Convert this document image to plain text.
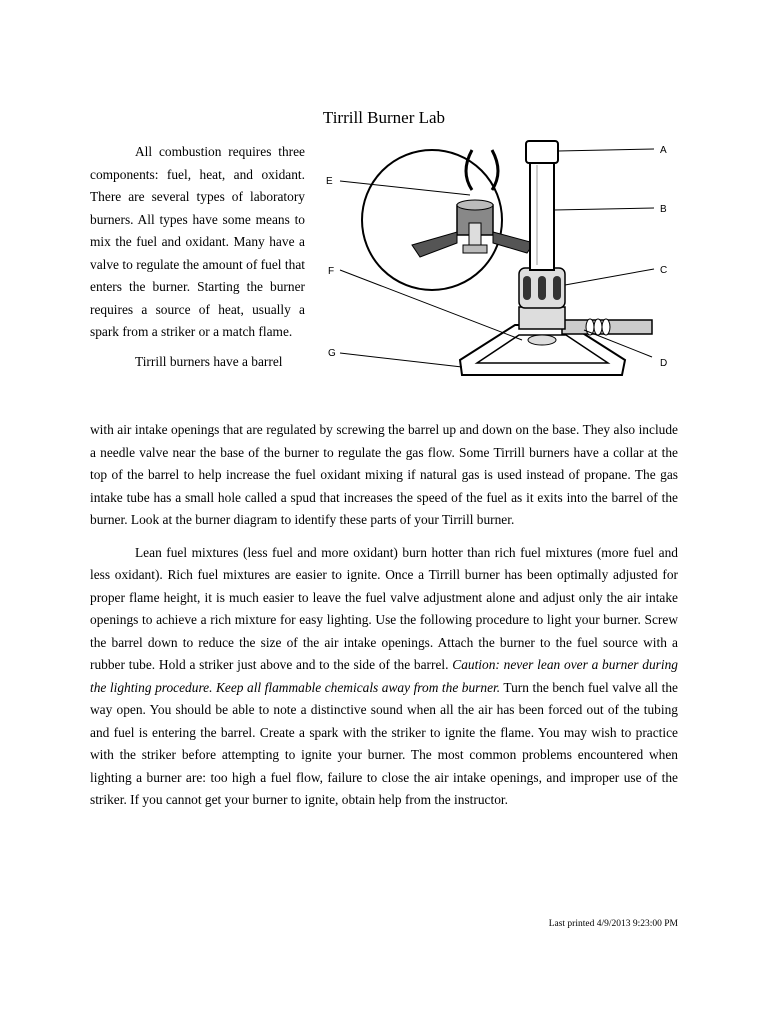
Tirrill Burner Lab

All combustion requires three components: fuel, heat, and oxidant. There are several types of laboratory burners. All types have some means to mix the fuel and oxidant. Many have a valve to regulate the amount of fuel that enters the burner. Starting the burner requires a source of heat, usually a spark from a striker or a match flame.

Tirrill burners have a barrel

A
B
C
D
E
F
G

with air intake openings that are regulated by screwing the barrel up and down on the base. They also include a needle valve near the base of the burner to regulate the gas flow. Some Tirrill burners have a collar at the top of the barrel to help increase the fuel oxidant mixing if natural gas is used instead of propane. The gas intake tube has a small hole called a spud that increases the speed of the fuel as it exits into the barrel of the burner. Look at the burner diagram to identify these parts of your Tirrill burner.

Lean fuel mixtures (less fuel and more oxidant) burn hotter than rich fuel mixtures (more fuel and less oxidant). Rich fuel mixtures are easier to ignite. Once a Tirrill burner has been optimally adjusted for proper flame height, it is much easier to leave the fuel valve adjustment alone and adjust only the air intake openings to achieve a rich mixture for easy lighting. Use the following procedure to light your burner. Screw the barrel down to reduce the size of the air intake openings. Attach the burner to the fuel source with a rubber tube. Hold a striker just above and to the side of the barrel. Caution: never lean over a burner during the lighting procedure. Keep all flammable chemicals away from the burner. Turn the bench fuel valve all the way open. You should be able to note a distinctive sound when all the air has been forced out of the tubing and fuel is entering the barrel. Create a spark with the striker to ignite the flame. You may wish to practice with the striker before attempting to ignite your burner. The most common problems encountered when lighting a burner are: too high a fuel flow, failure to close the air intake openings, and improper use of the striker. If you cannot get your burner to ignite, obtain help from the instructor.

Last printed 4/9/2013 9:23:00 PM
